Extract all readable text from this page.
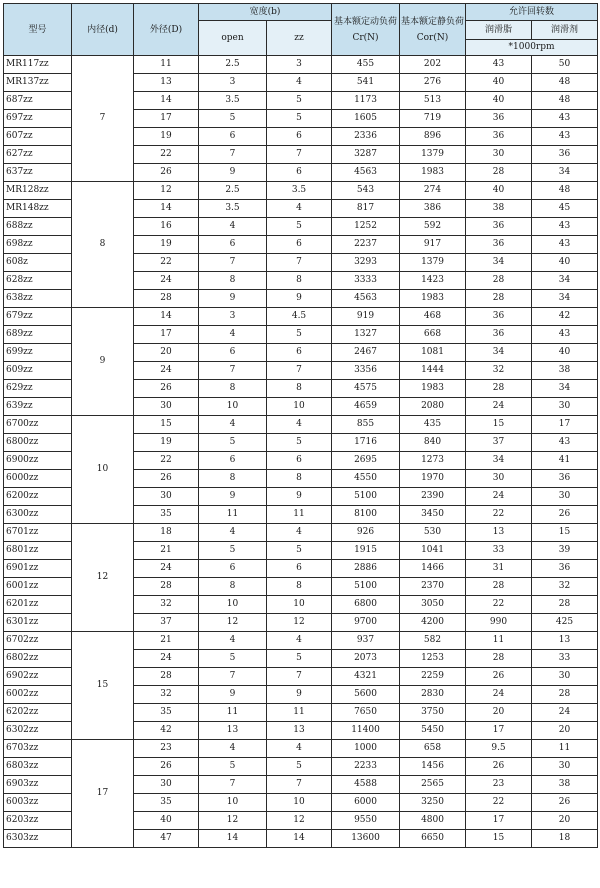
型号	内径(d)	外径(D)	宽度(b)		基本额定动负荷 Cr(N)	基本额定静负荷 Cor(N)	允许回转数	
			open	zz			润滑脂	润滑剂
							*1000rpm	
MR117zz	7	11	2.5	3	455	202	43	50
MR137zz		13	3	4	541	276	40	48
687zz		14	3.5	5	1173	513	40	48
697zz		17	5	5	1605	719	36	43
607zz		19	6	6	2336	896	36	43
627zz		22	7	7	3287	1379	30	36
637zz		26	9	6	4563	1983	28	34
MR128zz	8	12	2.5	3.5	543	274	40	48
MR148zz		14	3.5	4	817	386	38	45
688zz		16	4	5	1252	592	36	43
698zz		19	6	6	2237	917	36	43
608z		22	7	7	3293	1379	34	40
628zz		24	8	8	3333	1423	28	34
638zz		28	9	9	4563	1983	28	34
679zz	9	14	3	4.5	919	468	36	42
689zz		17	4	5	1327	668	36	43
699zz		20	6	6	2467	1081	34	40
609zz		24	7	7	3356	1444	32	38
629zz		26	8	8	4575	1983	28	34
639zz		30	10	10	4659	2080	24	30
6700zz	10	15	4	4	855	435	15	17
6800zz		19	5	5	1716	840	37	43
6900zz		22	6	6	2695	1273	34	41
6000zz		26	8	8	4550	1970	30	36
6200zz		30	9	9	5100	2390	24	30
6300zz		35	11	11	8100	3450	22	26
6701zz	12	18	4	4	926	530	13	15
6801zz		21	5	5	1915	1041	33	39
6901zz		24	6	6	2886	1466	31	36
6001zz		28	8	8	5100	2370	28	32
6201zz		32	10	10	6800	3050	22	28
6301zz		37	12	12	9700	4200	990	425
6702zz	15	21	4	4	937	582	11	13
6802zz		24	5	5	2073	1253	28	33
6902zz		28	7	7	4321	2259	26	30
6002zz		32	9	9	5600	2830	24	28
6202zz		35	11	11	7650	3750	20	24
6302zz		42	13	13	11400	5450	17	20
6703zz	17	23	4	4	1000	658	9.5	11
6803zz		26	5	5	2233	1456	26	30
6903zz		30	7	7	4588	2565	23	38
6003zz		35	10	10	6000	3250	22	26
6203zz		40	12	12	9550	4800	17	20
6303zz		47	14	14	13600	6650	15	18
